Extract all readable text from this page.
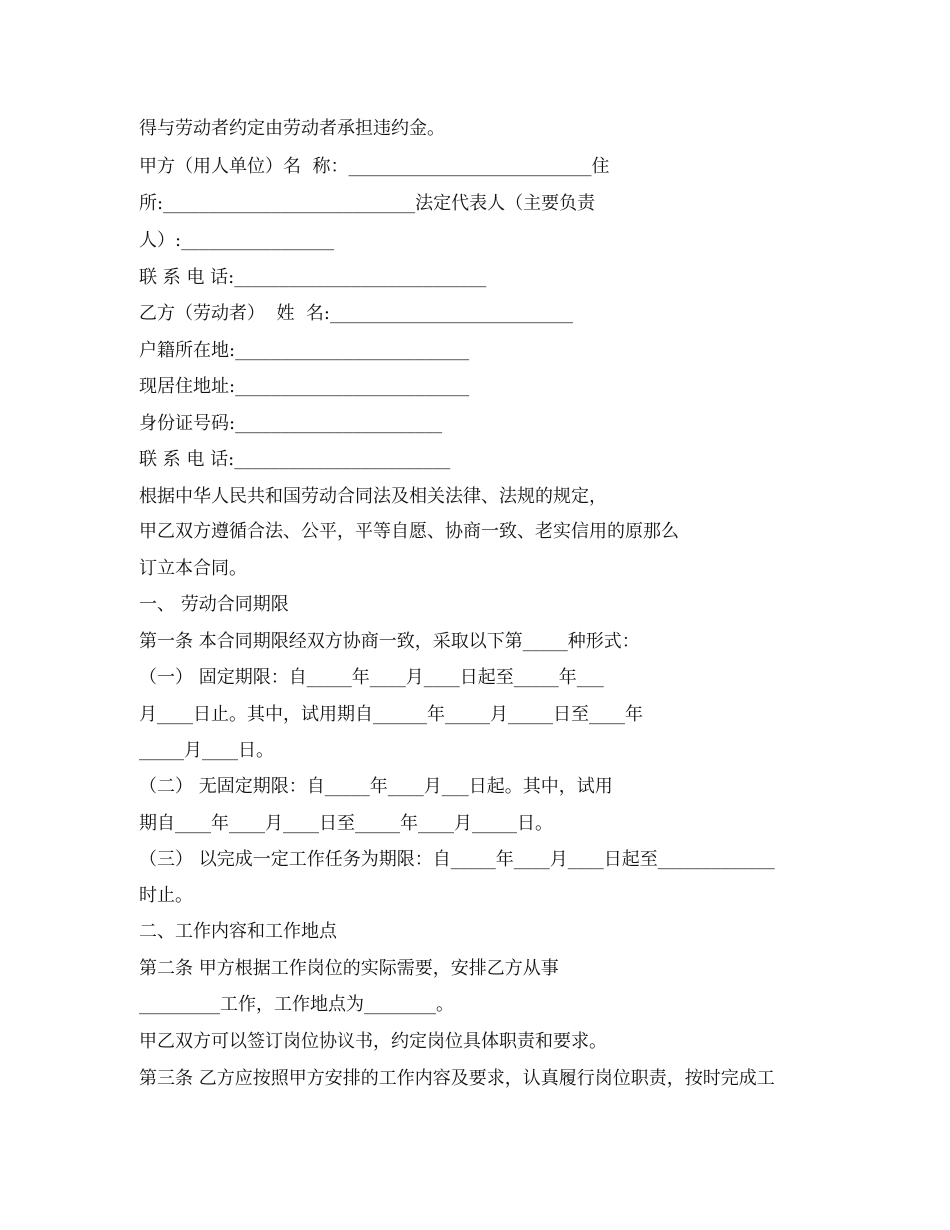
得与劳动者约定由劳动者承担违约金。
甲方（用人单位）名  称：___________________________住
所:____________________________法定代表人（主要负责
人）:_________________
联 系 电 话:____________________________
乙方（劳动者）  姓  名:___________________________
户籍所在地:__________________________
现居住地址:__________________________
身份证号码:_______________________
联 系 电 话:________________________
根据中华人民共和国劳动合同法及相关法律、法规的规定，
甲乙双方遵循合法、公平，平等自愿、协商一致、老实信用的原那么
订立本合同。
一、 劳动合同期限
第一条 本合同期限经双方协商一致，采取以下第_____种形式：
（一） 固定期限：自_____年____月____日起至_____年___
月____日止。其中，试用期自______年_____月_____日至____年
_____月____日。
（二） 无固定期限：自_____年____月___日起。其中，试用
期自____年____月____日至_____年____月_____日。
（三） 以完成一定工作任务为期限：自_____年____月____日起至_____________
时止。
二、工作内容和工作地点
第二条 甲方根据工作岗位的实际需要，安排乙方从事
_________工作，工作地点为________。
甲乙双方可以签订岗位协议书，约定岗位具体职责和要求。
第三条 乙方应按照甲方安排的工作内容及要求，认真履行岗位职责，按时完成工
